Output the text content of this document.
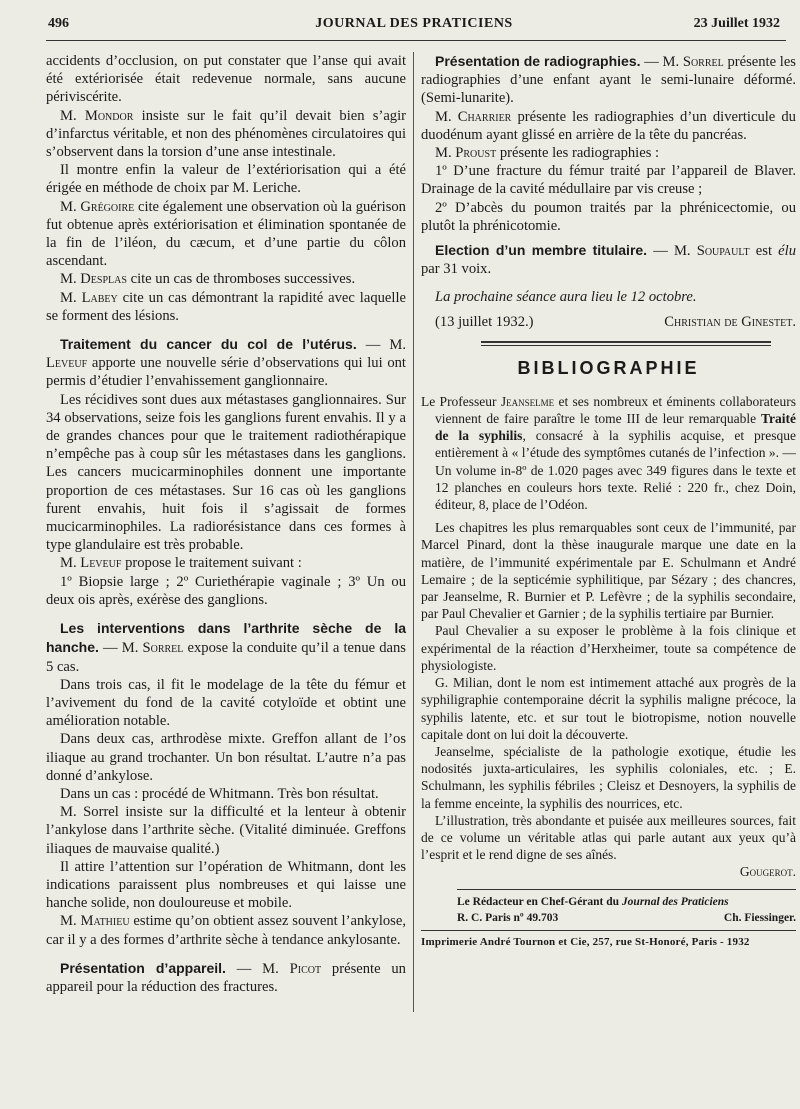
496	JOURNAL DES PRATICIENS	23 Juillet 1932

accidents d’occlusion, on put constater que l’anse qui avait été extériorisée était redevenue normale, sans aucune périviscérite.

M. Mondor insiste sur le fait qu’il devait bien s’agir d’infarctus véritable, et non des phénomènes circulatoires qui s’observent dans la torsion d’une anse intestinale.

Il montre enfin la valeur de l’extériorisation qui a été érigée en méthode de choix par M. Leriche.

M. Grégoire cite également une observation où la guérison fut obtenue après extériorisation et élimination spontanée de la fin de l’iléon, du cæcum, et d’une partie du côlon ascendant.

M. Desplas cite un cas de thromboses successives.

M. Labey cite un cas démontrant la rapidité avec laquelle se forment des lésions.

Traitement du cancer du col de l’utérus. — M. Leveuf apporte une nouvelle série d’observations qui lui ont permis d’étudier l’envahissement ganglionnaire.

Les récidives sont dues aux métastases ganglionnaires. Sur 34 observations, seize fois les ganglions furent envahis. Il y a de grandes chances pour que le traitement radiothérapique n’empêche pas à coup sûr les métastases dans les ganglions. Les cancers mucicarminophiles donnent une importante proportion de ces métastases. Sur 16 cas où les ganglions furent envahis, huit fois il s’agissait de formes mucicarminophiles. La radiorésistance dans ces formes à type glandulaire est très probable.

M. Leveuf propose le traitement suivant :

1º Biopsie large ; 2º Curiethérapie vaginale ; 3º Un ou deux ois après, exérèse des ganglions.

Les interventions dans l’arthrite sèche de la hanche. — M. Sorrel expose la conduite qu’il a tenue dans 5 cas.

Dans trois cas, il fit le modelage de la tête du fémur et l’avivement du fond de la cavité cotyloïde et obtint une amélioration notable.

Dans deux cas, arthrodèse mixte. Greffon allant de l’os iliaque au grand trochanter. Un bon résultat. L’autre n’a pas donné d’ankylose.

Dans un cas : procédé de Whitmann. Très bon résultat.

M. Sorrel insiste sur la difficulté et la lenteur à obtenir l’ankylose dans l’arthrite sèche. (Vitalité diminuée. Greffons iliaques de mauvaise qualité.)

Il attire l’attention sur l’opération de Whitmann, dont les indications paraissent plus nombreuses et qui laisse une hanche solide, non douloureuse et mobile.

M. Mathieu estime qu’on obtient assez souvent l’ankylose, car il y a des formes d’arthrite sèche à tendance ankylosante.

Présentation d’appareil. — M. Picot présente un appareil pour la réduction des fractures.

Présentation de radiographies. — M. Sorrel présente les radiographies d’une enfant ayant le semi-lunaire déformé. (Semi-lunarite).

M. Charrier présente les radiographies d’un diverticule du duodénum ayant glissé en arrière de la tête du pancréas.

M. Proust présente les radiographies :

1º D’une fracture du fémur traité par l’appareil de Blaver. Drainage de la cavité médullaire par vis creuse ;

2º D’abcès du poumon traités par la phrénicectomie, ou plutôt la phrénicotomie.

Election d’un membre titulaire. — M. Soupault est élu par 31 voix.

La prochaine séance aura lieu le 12 octobre.

(13 juillet 1932.)	Christian de Ginestet.

BIBLIOGRAPHIE

Le Professeur Jeanselme et ses nombreux et éminents collaborateurs viennent de faire paraître le tome III de leur remarquable Traité de la syphilis, consacré à la syphilis acquise, et presque entièrement à « l’étude des symptômes cutanés de l’infection ». — Un volume in-8º de 1.020 pages avec 349 figures dans le texte et 12 planches en couleurs hors texte. Relié : 220 fr., chez Doin, éditeur, 8, place de l’Odéon.

Les chapitres les plus remarquables sont ceux de l’immunité, par Marcel Pinard, dont la thèse inaugurale marque une date en la matière, de l’immunité expérimentale par E. Schulmann et André Lemaire ; de la septicémie syphilitique, par Sézary ; des chancres, par Jeanselme, R. Burnier et P. Lefèvre ; de la syphilis secondaire, par Paul Chevalier et Garnier ; de la syphilis tertiaire par Burnier.

Paul Chevalier a su exposer le problème à la fois clinique et expérimental de la réaction d’Herxheimer, toute sa compétence de physiologiste.

G. Milian, dont le nom est intimement attaché aux progrès de la syphiligraphie contemporaine décrit la syphilis maligne précoce, la syphilis latente, etc. et sur tout le biotropisme, notion nouvelle capitale dont on lui doit la découverte.

Jeanselme, spécialiste de la pathologie exotique, étudie les nodosités juxta-articulaires, les syphilis coloniales, etc. ; E. Schulmann, les syphilis fébriles ; Cleisz et Desnoyers, la syphilis de la femme enceinte, la syphilis des nourrices, etc.

L’illustration, très abondante et puisée aux meilleures sources, fait de ce volume un véritable atlas qui parle autant aux yeux qu’à l’esprit et le rend digne de ses aînés.

Gougerot.

Le Rédacteur en Chef-Gérant du Journal des Praticiens
R. C. Paris nº 49.703	Ch. Fiessinger.
Imprimerie André Tournon et Cie, 257, rue St-Honoré, Paris - 1932
